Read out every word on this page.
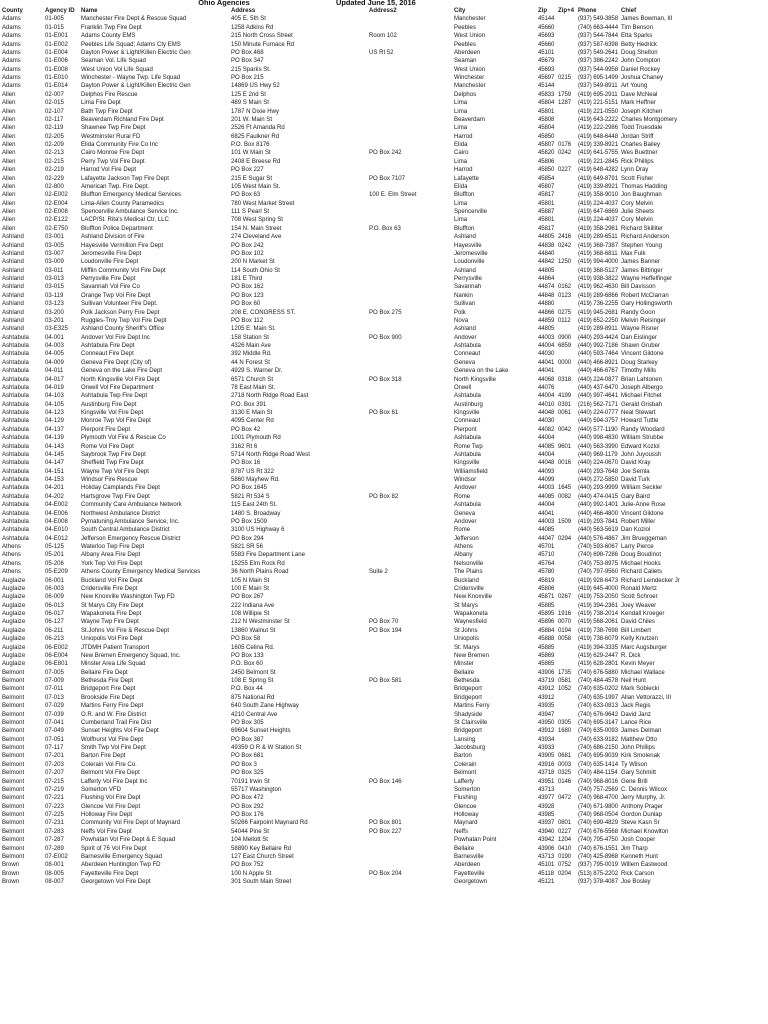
Ohio Agencies	Updated June 15, 2016
County	Agency ID	Name	Address	Address2	City	Zip	Zip+4	Phone	Chief
Adams	01-005	Manchester Fire Dept & Rescue Squad	405 E. 5th St		Manchester	45144		(937) 549-3858	James Bowman, III
Adams	01-015	Franklin Twp Fire Dept	1258 Adkins Rd		Peebles	45660		(740) 663-4444	Tim Benson
Adams	01-E001	Adams County EMS	215 North Cross Street	Room 102	West Union	45693		(937) 544-7844	Etta Sparks
Adams	01-E002	Peebles Life Squad; Adams Cty EMS	150 Minute Furnace Rd		Peebles	45660		(937) 587-6398	Betty Hedrick
Adams	01-E004	Dayton Power & Light/Killen Electric Gen	PO Box 468	US Rt 52	Aberdeen	45101		(937) 549-2641	Doug Shelton
Adams	01-E006	Seaman Vol. Life Squad	PO Box 347		Seaman	45679		(937) 386-2242	John Compton
Adams	01-E008	West Union Vol Life Squad	215 Sparks St.		West Union	45693		(937) 544-9958	Daniel Rockey
Adams	01-E010	Winchester - Wayne Twp. Life Squad	PO Box 215		Winchester	45697	0215	(937) 695-1499	Joshua Chaney
Adams	01-E014	Dayton Power & Light/Killen Electric Gen	14869 US Hwy 52		Manchester	45144		(937) 549-8911	Art Young
Allen	02-007	Delphos Fire Rescue	125 E 2nd St		Delphos	45833	1759	(419) 695-2911	Dave McNeal
Allen	02-015	Lima Fire Dept	489 S Main St		Lima	45804	1287	(419) 221-5151	Mark Heffner
Allen	02-107	Bath Twp Fire Dept	1787 N Dixie Hwy		Lima	45801		(419) 221-0550	Joseph Kitchen
Allen	02-117	Beaverdam Richland Fire Dept	201 W. Main St		Beaverdam	45808		(419) 643-2222	Charles Montgomery
Allen	02-119	Shawnee Twp Fire Dept	2526 Ft Amanda Rd		Lima	45804		(419) 222-2986	Todd Truesdale
Allen	02-205	Westminster Rural FD	6825 Faulkner Rd		Harrod	45850		(419) 648-6448	Jordan Striff
Allen	02-209	Elida Community Fire Co Inc	P.O. Box 8176		Elida	45807	0176	(419) 339-8921	Charles Bailey
Allen	02-213	Cairo Monroe Fire Dept	101 W Main St	PO Box 242	Cairo	45820	0242	(419) 641-5755	Wes Buettner
Allen	02-215	Perry Twp Vol Fire Dept	2408 E Breese Rd		Lima	45806		(419) 221-2845	Rick Phillips
Allen	02-219	Harrod Vol Fire Dept	PO Box 227		Harrod	45850	0227	(419) 648-4282	Lynn Dray
Allen	02-229	Lafayette Jackson Twp Fire Dept	215 E Sugar St	PO Box 7107	Lafayette	45854		(419) 649-8791	Scott Fisher
Allen	02-800	American Twp. Fire Dept.	105 West Main St.		Elida	45807		(419) 339-8921	Thomas Hadding
Allen	02-E002	Bluffton Emergency Medical Services	PO Box 63	100 E. Elm Street	Bluffton	45817		(419) 358-9010	Jon Baughman
Allen	02-E004	Lima-Allen County Paramedics	780 West Market Street		Lima	45801		(419) 224-4037	Cory Melvin
Allen	02-E008	Spencerville Ambulance Service Inc.	111 S Pearl St		Spencerville	45887		(419) 647-6869	Julie Sheets
Allen	02-E122	LACP/St. Rita's Medical Ctr, LLC	708 West Spring St		Lima	45801		(419) 224-4037	Cory Melvin
Allen	02-E750	Bluffton Police Department	154 N. Main Street	P.O. Box 63	Bluffton	45817		(419) 358-2961	Richard Skilliter
Ashland	03-001	Ashland Division of Fire	274 Cleveland Ave		Ashland	44805	2416	(419) 289-6511	Richard Anderson
Ashland	03-005	Hayesville Vermillion Fire Dept	PO Box 242		Hayesville	44838	0242	(419) 368-7387	Stephen Young
Ashland	03-007	Jeromesville Fire Dept	PO Box 102		Jeromesville	44840		(419) 368-6811	Max Fulk
Ashland	03-009	Loudonville Fire Dept	200 N Market St		Loudonville	44842	1250	(419) 994-4000	James Banner
Ashland	03-011	Mifflin Community Vol Fire Dept	114 South Ohio St		Ashland	44805		(419) 368-5127	James Bittinger
Ashland	03-013	Perrysville Fire Dept	181 E Third		Perrysville	44864		(419) 938-3822	Wayne Heffelfinger
Ashland	03-015	Savannah Vol Fire Co	PO Box 162		Savannah	44874	0162	(419) 962-4630	Bill Davisson
Ashland	03-119	Orange Twp Vol Fire Dept	PO Box 123		Nankin	44848	0123	(419) 289-6866	Robert McClarran
Ashland	03-123	Sullivan Volunteer Fire Dept.	PO Box 60		Sullivan	44880		(419) 736-2255	Gary Hollingsworth
Ashland	03-200	Polk Jackson Perry Fire Dept	208 E. CONGRESS ST.	PO Box 275	Polk	44866	0275	(419) 945-2681	Randy Goon
Ashland	03-201	Ruggles-Troy Twp Vol Fire Dept	PO Box 112		Nova	44859	0112	(419) 652-2250	Melvin Reisinger
Ashland	03-E325	Ashland County Sheriff's Office	1205 E. Main St.		Ashland	44805		(419) 289-8911	Wayne Risner
Ashtabula	04-001	Andover Vol Fire Dept Inc	158 Station St	PO Box 900	Andover	44003	0900	(440) 293-4424	Dan Eislinger
Ashtabula	04-003	Ashtabula Fire Dept	4326 Main Ave		Ashtabula	44004	6859	(440) 992-7186	Shawn Gruber
Ashtabula	04-005	Conneaut Fire Dept	392 Middle Rd.		Conneaut	44030		(440) 593-7464	Vincent Gildone
Ashtabula	04-009	Geneva Fire Dept (City of)	44 N Forest St		Geneva	44041	0000	(440) 466-8921	Doug Starkey
Ashtabula	04-011	Geneva on the Lake Fire Dept	4929 S. Warner Dr.		Geneva on the Lake	44041		(440) 466-6767	Timothy Mills
Ashtabula	04-017	North Kingsville Vol Fire Dept	6571 Church St	PO Box 318	North Kingsville	44068	0318	(440) 224-0877	Brian Lahtonen
Ashtabula	04-019	Orwell Vol Fire Department	78 East Main St.		Orwell	44076		(440) 437-6470	Joseph Albergo
Ashtabula	04-103	Ashtabula Twp Fire Dept	2718 North Ridge Road East		Ashtabula	44004	4199	(440) 997-4641	Michael Fitchet
Ashtabula	04-105	Austinburg Fire Dept	P.O. Box 391		Austinburg	44010	0391	(216) 562-7171	Gerald Grisbah
Ashtabula	04-123	Kingsville Vol Fire Dept	3130 E Main St	PO Box 61	Kingsville	44048	0061	(440) 224-0777	Neal Stewart
Ashtabula	04-129	Monroe Twp Vol Fire Dept	4095 Center Rd		Conneaut	44030		(440) 594-3757	Howard Tuttle
Ashtabula	04-137	Pierpont Fire Dept	PO Box 42		Pierpont	44082	0042	(440) 577-1190	Randy Woodard
Ashtabula	04-139	Plymouth Vol Fire & Rescue Co	1001 Plymouth Rd		Ashtabula	44004		(440) 998-4830	William Strubbe
Ashtabula	04-143	Rome Vol Fire Dept	3162 Rt 6		Rome Twp	44085	9601	(440) 563-3990	Edward Kozlol
Ashtabula	04-145	Saybrook Twp Fire Dept	5714 North Ridge Road West		Ashtabula	44004		(440) 969-1179	John Juyoussh
Ashtabula	04-147	Sheffield Twp Fire Dept	PO Box 16		Kingsville	44048	0016	(440) 224-0670	David Kray
Ashtabula	04-151	Wayne Twp Vol Fire Dept	8787 US Rt 322		Williamsfield	44093		(440) 293-7648	Joe Semla
Ashtabula	04-153	Windsor Fire Rescue	5860 Mayhew Rd.		Windsor	44099		(440) 272-5850	David Turk
Ashtabula	04-201	Holiday Camplands Fire Dept	PO Box 1645		Andover	44003	1645	(440) 293-9999	William Seckler
Ashtabula	04-202	Hartsgrove Twp Fire Dept	5821 Rt 534 S	PO Box 82	Rome	44085	0082	(440) 474-0415	Gary Baird
Ashtabula	04-E002	Community Care Ambulance Network	115 East 24th St.		Ashtabula	44004		(440) 992-1401	Julie-Anne Rose
Ashtabula	04-E006	Northwest Ambulance District	1480 S. Broadway		Geneva	44041		(440) 466-4800	Vincent Gildone
Ashtabula	04-E008	Pymatuning Ambulance Service, Inc.	PO Box 1509		Andover	44003	1509	(419) 293-7841	Robert Miller
Ashtabula	04-E010	South Central Ambulance District	3100 US Highway 6		Rome	44085		(440) 563-5619	Dan Koziol
Ashtabula	04-E012	Jefferson Emergency Rescue District	PO Box 294		Jefferson	44047	0294	(440) 576-4867	Jim Brueggeman
Athens	05-125	Waterloo Twp Fire Dept	5821 SR 56		Athens	45701		(740) 593-6067	Larry Pierce
Athens	05-201	Albany Area Fire Dept	5583 Fire Department Lane		Albany	45710		(740) 698-7286	Doug Boudinot
Athens	05-206	York Twp Vol Fire Dept	15255 Elm Rock Rd		Nelsonville	45764		(740) 753-8975	Michael Hooks
Athens	05-E209	Athens County Emergency Medical Services	36 North Plains Road	Suite 2	The Plains	45780		(740) 797-9560	Richard Caliets
Auglaize	06-001	Buckland Vol Fire Dept	105 N Main St		Buckland	45819		(419) 928-6473	Richard Leindecker Jr
Auglaize	06-003	Cridersville Fire Dept	100 E Main St		Cridersville	45806		(419) 645-4000	Ronald Mertz
Auglaize	06-009	New Knoxville Washington Twp FD	PO Box 267		New Knoxville	45871	0267	(419) 753-2050	Scott Schroer
Auglaize	06-013	St Marys City Fire Dept	222 Indiana Ave		St Marys	45885		(419) 394-2361	Joey Weaver
Auglaize	06-017	Wapakoneta Fire Dept	108 Willipie St		Wapakoneta	45895	1916	(419) 738-2014	Kendall Kroeger
Auglaize	06-127	Wayne Twp Fire Dept	212 N Westminster St	PO Box 70	Waynesfield	45896	0070	(419) 568-2061	David Chiles
Auglaize	06-211	St.Johns Vol Fire & Rescue Dept	13860 Walnut St	PO Box 194	St Johns	45884	0194	(419) 738-7698	Bill Limbert
Auglaize	06-213	Uniopolis Vol Fire Dept	PO Box 58		Uniopolis	45888	0058	(419) 738-6079	Kelly Knutzen
Auglaize	06-E002	JTDMH Patient Transport	1605 Celina Rd.		St. Marys	45885		(419) 394-3335	Marc Augsburger
Auglaize	06-E004	New Bremen Emergency Squad, Inc.	PO Box 133		New Bremen	45869		(419) 629-2447	R. Dick
Auglaize	06-E801	Minster Area Life Squad	P.O. Box 60		Minster	45865		(419) 628-2801	Kevin Meyer
Belmont	07-005	Bellaire Fire Dept	2450 Belmont St		Bellaire	43906	1735	(740) 676-5880	Michael Wallace
Belmont	07-009	Bethesda Fire Dept	108 E Spring St	PO Box 581	Bethesda	43719	0581	(740) 484-4578	Neil Hunt
Belmont	07-011	Bridgeport Fire Dept	P.O. Box 44		Bridgeport	43912	1052	(740) 635-0202	Mark Sobiecki
Belmont	07-013	Brookside Fire Dept	875 National Rd		Bridgeport	43912		(740) 635-1997	Allan Vettorazzi, III
Belmont	07-029	Martins Ferry Fire Dept	640 South Zane Highway		Martins Ferry	43935		(740) 633-0813	Jack Regis
Belmont	07-039	O.R. and W. Fire District	4210 Central Ave		Shadyside	43947		(740) 676-9642	David Janz
Belmont	07-041	Cumberland Trail Fire Dist	PO Box 305		St Clairsville	43950	0305	(740) 695-3147	Lance Rice
Belmont	07-049	Sunset Heights Vol Fire Dept	69604 Sunset Heights		Bridgeport	43912	1680	(740) 635-0093	James Delman
Belmont	07-051	Wolfhurst Vol Fire Dept	PO Box 387		Lansing	43934		(740) 633-9182	Matthew Otto
Belmont	07-117	Smith Twp Vol Fire Dept	49359 O R & W Station St		Jacobsburg	43933		(740) 686-2150	John Phillips
Belmont	07-201	Barton Fire Dept	PO Box 681		Barton	43905	0681	(740) 695-9039	Kirk Smolenak
Belmont	07-203	Colerain Vol Fire Co.	PO Box 3		Colerain	43916	0003	(740) 635-1414	Ty Wilson
Belmont	07-207	Belmont Vol Fire Dept	PO Box 325		Belmont	43718	0325	(740) 484-1154	Gary Schmitt
Belmont	07-215	Lafferty Vol Fire Dept Inc	70191 Irwin St	PO Box 146	Lafferty	43951	0146	(740) 968-8016	Gene Brill
Belmont	07-219	Somerton VFD	55717 Washington		Somerton	43713		(740) 757-2569	C. Dennis Wilcox
Belmont	07-221	Flushing Vol Fire Dept	PO Box 472		Flushing	43977	0472	(740) 968-4700	Jerry Murphy, Jr.
Belmont	07-223	Glencoe Vol Fire Dept	PO Box 292		Glencoe	43928		(740) 671-9800	Anthony Prager
Belmont	07-225	Holloway Fire Dept	PO Box 176		Holloway	43985		(740) 968-0504	Gordon Dunlap
Belmont	07-231	Community Vol Fire Dept of Maynard	50266 Fairpoint Maynard Rd	PO Box 801	Maynard	43937	0801	(740) 699-4829	Steve Kasn Sr
Belmont	07-283	Neffs Vol Fire Dept	54044 Pine St	PO Box 227	Neffs	43940	0227	(740) 676-5568	Michael Knowlton
Belmont	07-287	Powhatan Vol Fire Dept & E Squad	104 Mellott St		Powhatan Point	43942	1204	(740) 795-4750	Josh Cooper
Belmont	07-289	Spirit of 76 Vol Fire Dept	58890 Key Bellaire Rd		Bellaire	43906	0410	(740) 676-1551	Jim Tharp
Belmont	07-E002	Barnesville Emergency Squad	127 East Church Street		Barnesville	43713	0190	(740) 425-8968	Kenneth Hunt
Brown	08-001	Aberdeen Huntington Twp FD	PO Box 752		Aberdeen	45101	0752	(937) 795-0019	Willem Eastwood
Brown	08-005	Fayetteville Fire Dept	100 N Apple St	PO Box 204	Fayetteville	45118	0204	(513) 875-2202	Rick Carson
Brown	08-007	Georgetown Vol Fire Dept	301 South Main Street		Georgetown	45121		(937) 378-4087	Joe Bosley
